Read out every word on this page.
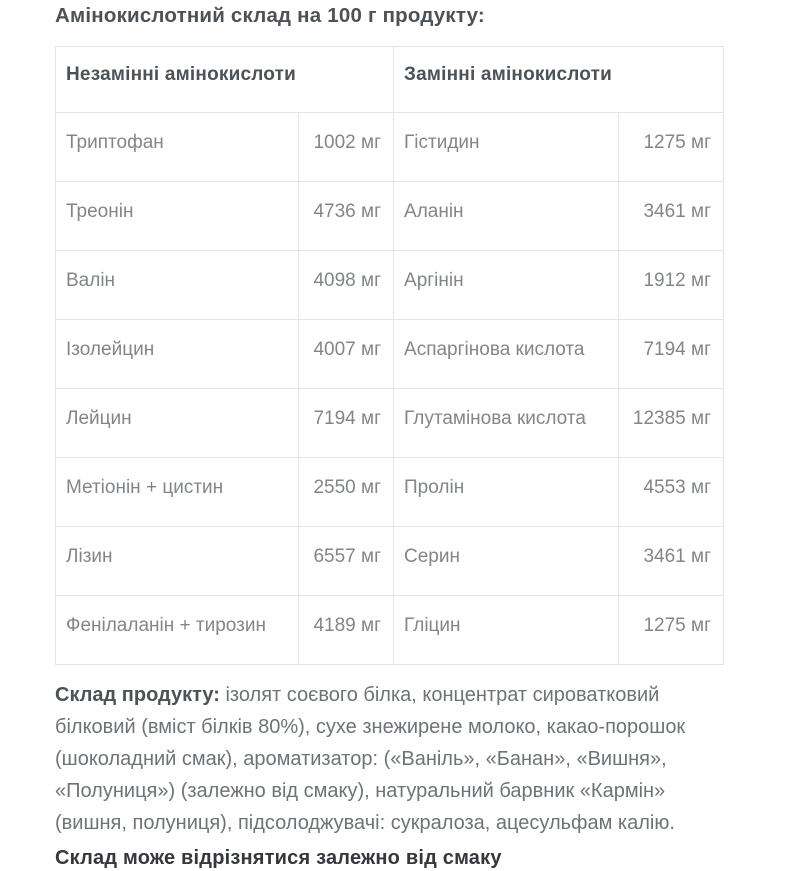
Амінокислотний склад на 100 г продукту:
Незамінні амінокислоти		Замінні амінокислоти	
Триптофан	1002 мг	Гістидин	1275 мг
Треонін	4736 мг	Аланін	3461 мг
Валін	4098 мг	Аргінін	1912 мг
Ізолейцин	4007 мг	Аспаргінова кислота	7194 мг
Лейцин	7194 мг	Глутамінова кислота	12385 мг
Метіонін + цистин	2550 мг	Пролін	4553 мг
Лізин	6557 мг	Серин	3461 мг
Фенілаланін + тирозин	4189 мг	Гліцин	1275 мг
Склад продукту: ізолят соєвого білка, концентрат сироватковий
білковий (вміст білків 80%), сухе знежирене молоко, какао-порошок
(шоколадний смак), ароматизатор: («Ваніль», «Банан», «Вишня»,
«Полуниця») (залежно від смаку), натуральний барвник «Кармін»
(вишня, полуниця), підсолоджувачі: сукралоза, ацесульфам калію.
Склад може відрізнятися залежно від смаку
